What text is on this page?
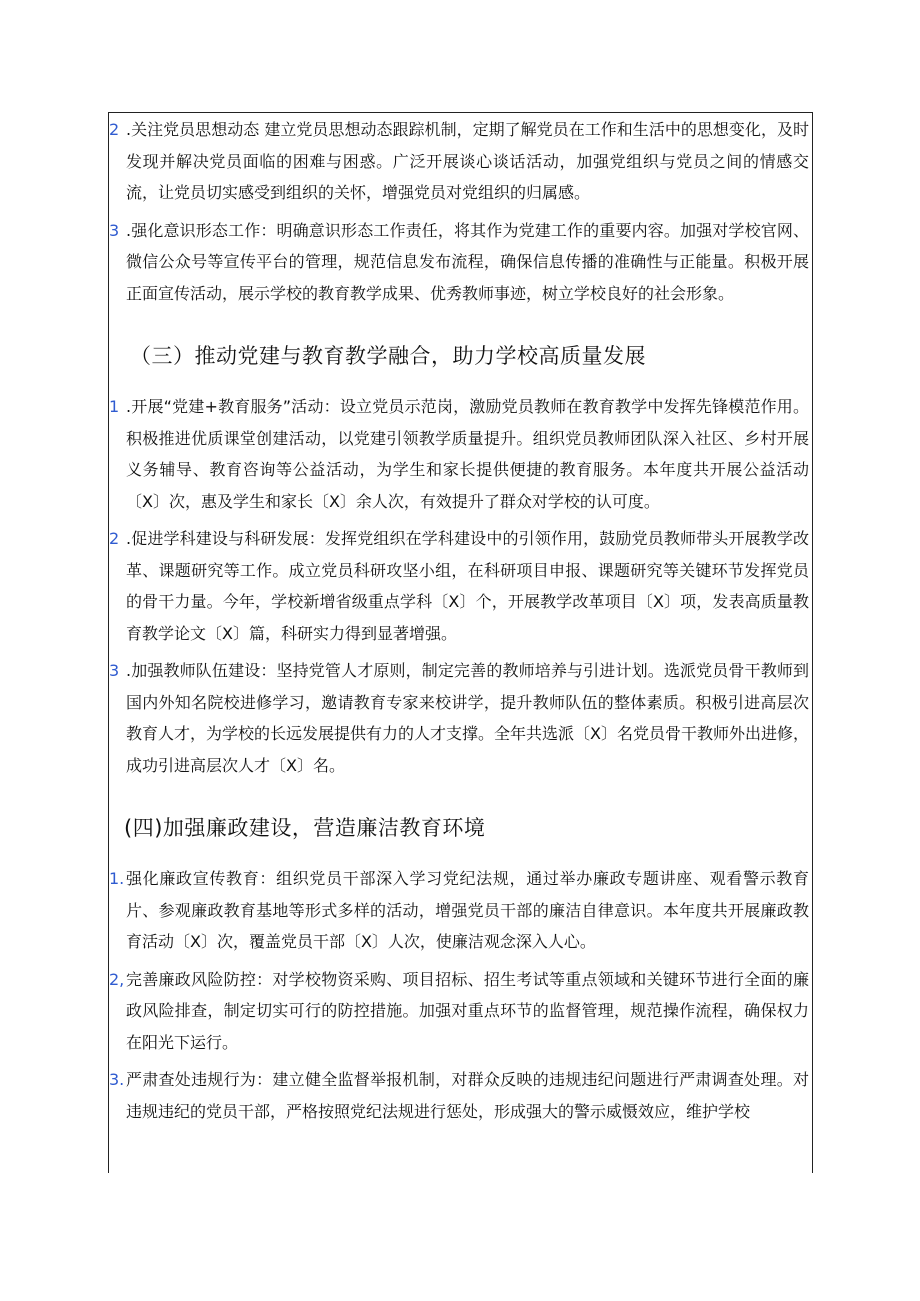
2 .关注党员思想动态 建立党员思想动态跟踪机制，定期了解党员在工作和生活中的思想变化，及时发现并解决党员面临的困难与困惑。广泛开展谈心谈话活动，加强党组织与党员之间的情感交流，让党员切实感受到组织的关怀，增强党员对党组织的归属感。
3 .强化意识形态工作：明确意识形态工作责任，将其作为党建工作的重要内容。加强对学校官网、微信公众号等宣传平台的管理，规范信息发布流程，确保信息传播的准确性与正能量。积极开展正面宣传活动，展示学校的教育教学成果、优秀教师事迹，树立学校良好的社会形象。
（三）推动党建与教育教学融合，助力学校高质量发展
1 .开展“党建+教育服务”活动：设立党员示范岗，激励党员教师在教育教学中发挥先锋模范作用。积极推进优质课堂创建活动，以党建引领教学质量提升。组织党员教师团队深入社区、乡村开展义务辅导、教育咨询等公益活动，为学生和家长提供便捷的教育服务。本年度共开展公益活动〔X〕次，惠及学生和家长〔X〕余人次，有效提升了群众对学校的认可度。
2 .促进学科建设与科研发展：发挥党组织在学科建设中的引领作用，鼓励党员教师带头开展教学改革、课题研究等工作。成立党员科研攻坚小组，在科研项目申报、课题研究等关键环节发挥党员的骨干力量。今年，学校新增省级重点学科〔X〕个，开展教学改革项目〔X〕项，发表高质量教育教学论文〔X〕篇，科研实力得到显著增强。
3 .加强教师队伍建设：坚持党管人才原则，制定完善的教师培养与引进计划。选派党员骨干教师到国内外知名院校进修学习，邀请教育专家来校讲学，提升教师队伍的整体素质。积极引进高层次教育人才，为学校的长远发展提供有力的人才支撑。全年共选派〔X〕名党员骨干教师外出进修，成功引进高层次人才〔X〕名。
(四)加强廉政建设，营造廉洁教育环境
1. 强化廉政宣传教育：组织党员干部深入学习党纪法规，通过举办廉政专题讲座、观看警示教育片、参观廉政教育基地等形式多样的活动，增强党员干部的廉洁自律意识。本年度共开展廉政教育活动〔X〕次，覆盖党员干部〔X〕人次，使廉洁观念深入人心。
2, 完善廉政风险防控：对学校物资采购、项目招标、招生考试等重点领域和关键环节进行全面的廉政风险排查，制定切实可行的防控措施。加强对重点环节的监督管理，规范操作流程，确保权力在阳光下运行。
3. 严肃查处违规行为：建立健全监督举报机制，对群众反映的违规违纪问题进行严肃调查处理。对违规违纪的党员干部，严格按照党纪法规进行惩处，形成强大的警示威慑效应，维护学校
